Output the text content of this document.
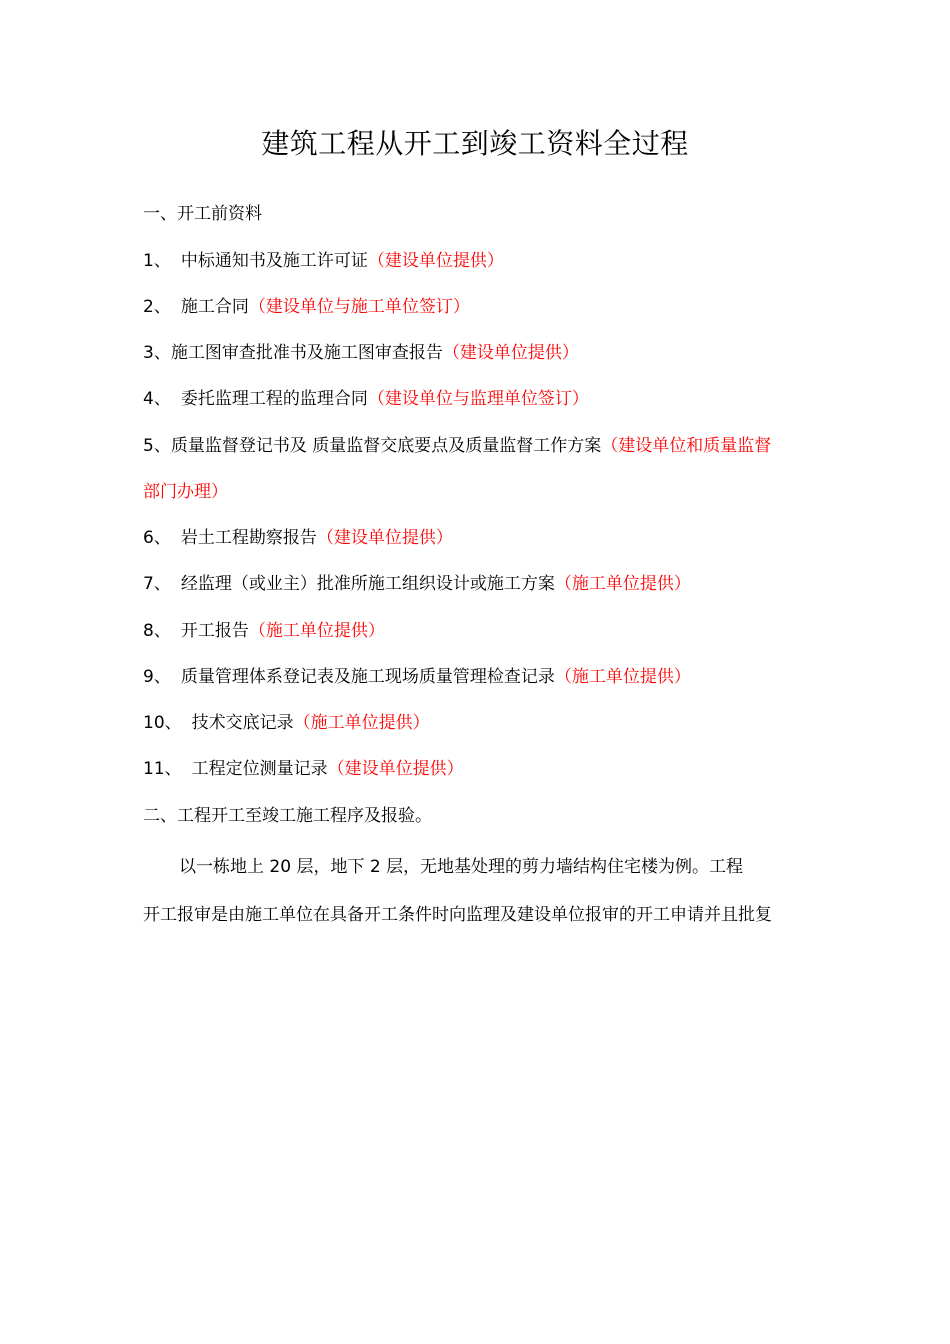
建筑工程从开工到竣工资料全过程
一、开工前资料
1、 中标通知书及施工许可证（建设单位提供）
2、 施工合同（建设单位与施工单位签订）
3、施工图审查批准书及施工图审查报告（建设单位提供）
4、 委托监理工程的监理合同（建设单位与监理单位签订）
5、质量监督登记书及 质量监督交底要点及质量监督工作方案（建设单位和质量监督
部门办理）
6、 岩土工程勘察报告（建设单位提供）
7、 经监理（或业主）批准所施工组织设计或施工方案（施工单位提供）
8、 开工报告（施工单位提供）
9、 质量管理体系登记表及施工现场质量管理检查记录（施工单位提供）
10、 技术交底记录（施工单位提供）
11、 工程定位测量记录（建设单位提供）
二、工程开工至竣工施工程序及报验。
以一栋地上 20 层，地下 2 层，无地基处理的剪力墙结构住宅楼为例。工程
开工报审是由施工单位在具备开工条件时向监理及建设单位报审的开工申请并且批复
